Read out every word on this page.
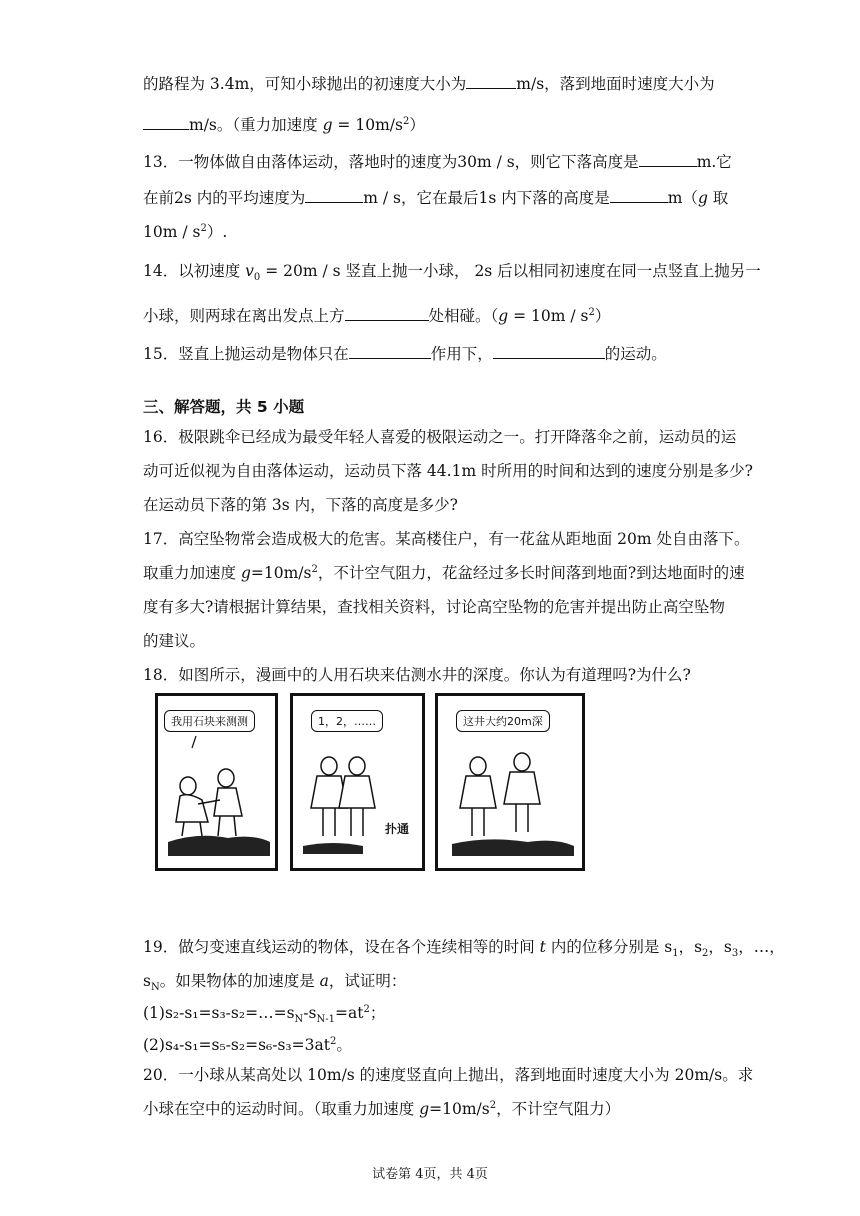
的路程为 3.4m，可知小球抛出的初速度大小为	m/s，落到地面时速度大小为
m/s。（重力加速度 $g = 10m/s^2$）
13．一物体做自由落体运动，落地时的速度为30m / s，则它下落高度是	m.它
在前2s 内的平均速度为	m / s，它在最后1s 内下落的高度是	m（g 取
$10m / s^2$）.
14．以初速度 $v_0 = 20m / s$ 竖直上抛一小球， 2s 后以相同初速度在同一点竖直上抛另一
小球，则两球在离出发点上方	处相碰。$(g = 10m / s^2)$
15．竖直上抛运动是物体只在	作用下，	的运动。
三、解答题，共 5 小题
16．极限跳伞已经成为最受年轻人喜爱的极限运动之一。打开降落伞之前，运动员的运
动可近似视为自由落体运动，运动员下落 44.1m 时所用的时间和达到的速度分别是多少?
在运动员下落的第 3s 内，下落的高度是多少?
17．高空坠物常会造成极大的危害。某高楼住户，有一花盆从距地面 20m 处自由落下。
取重力加速度 $g=10m/s^2$，不计空气阻力，花盆经过多长时间落到地面?到达地面时的速
度有多大?请根据计算结果，查找相关资料，讨论高空坠物的危害并提出防止高空坠物
的建议。
18．如图所示，漫画中的人用石块来估测水井的深度。你认为有道理吗?为什么?
我用石块来测测	1，2，……
扑通
这井大约20m深
19．做匀变速直线运动的物体，设在各个连续相等的时间 t 内的位移分别是 $s_1$，$s_2$，$s_3$，…，
$s_N$。如果物体的加速度是 a，试证明：
$(1)s_2-s_1=s_3-s_2=\dots=s_N-s_{N-1}=at^2$；
$(2)s_4-s_1=s_5-s_2=s_6-s_3=3at^2$。
20．一小球从某高处以 10m/s 的速度竖直向上抛出，落到地面时速度大小为 20m/s。求
小球在空中的运动时间。（取重力加速度 $g=10m/s^2$，不计空气阻力）
试卷第 4页，共 4页
